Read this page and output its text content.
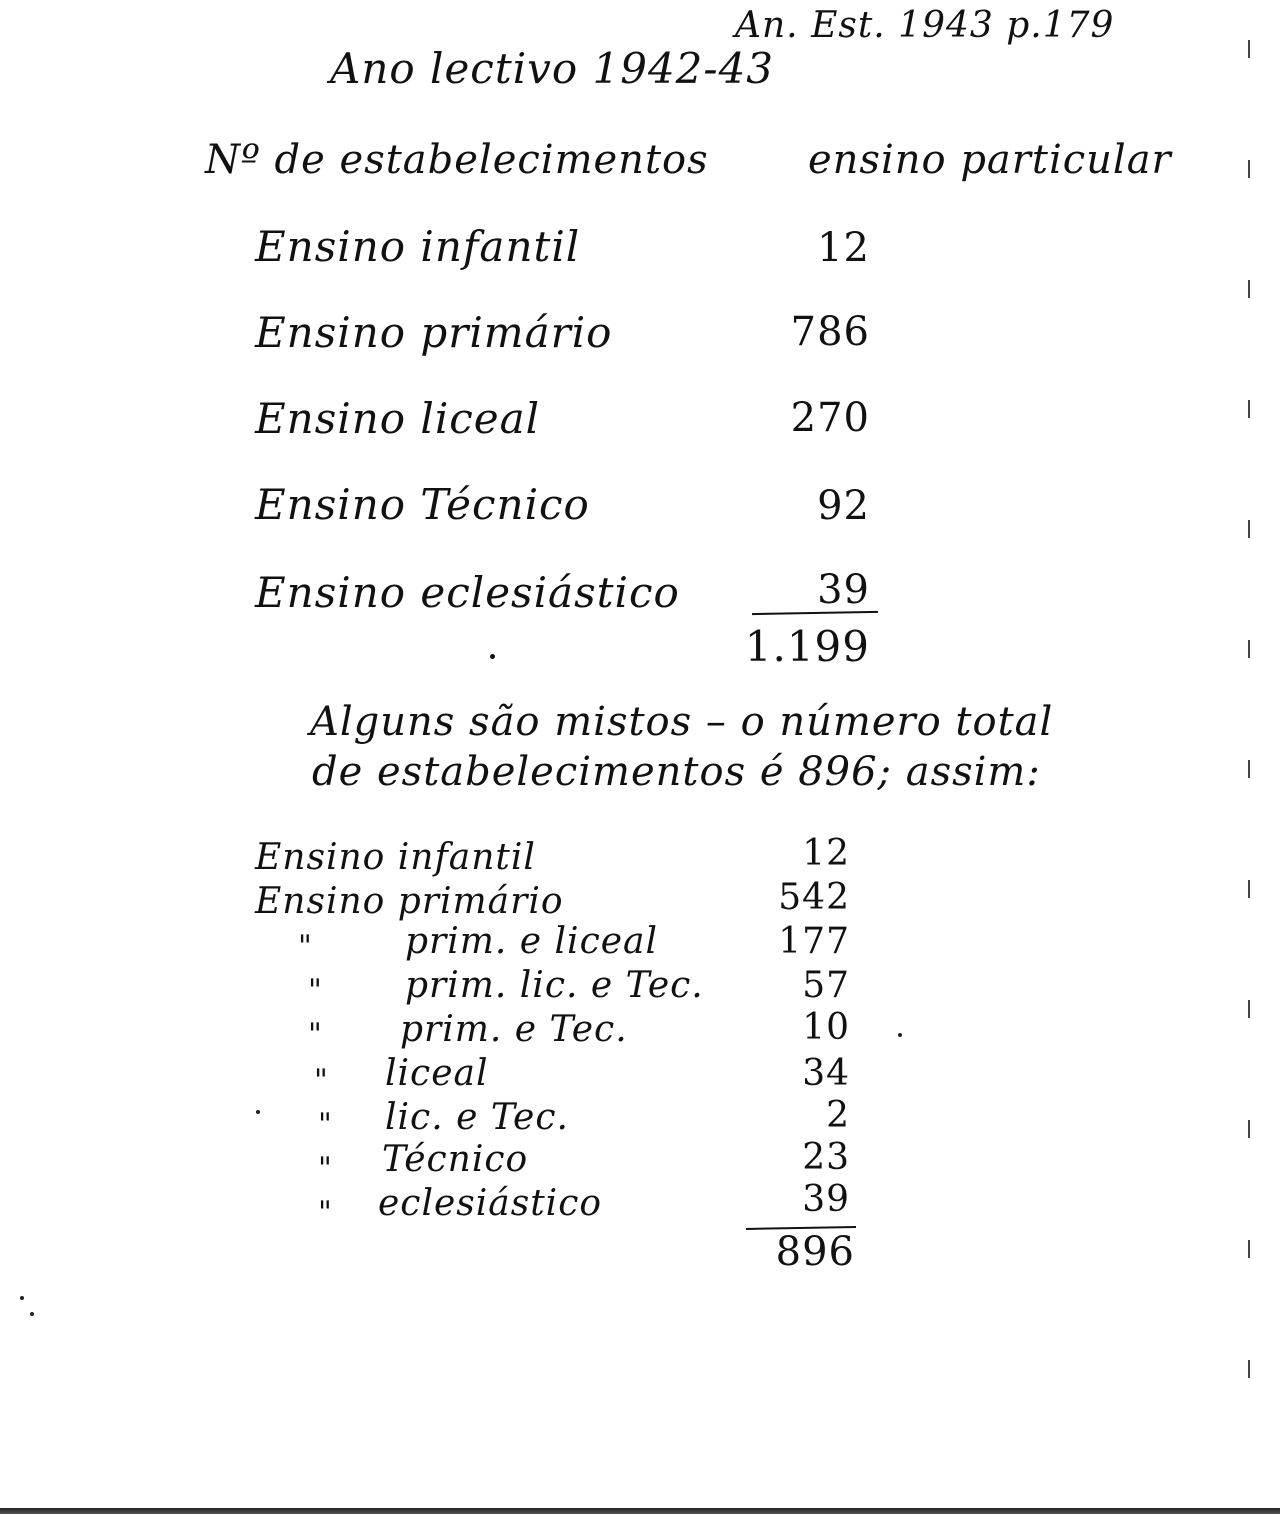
An. Est. 1943 p.179
Ano lectivo 1942-43
Nº de estabelecimentos ensino particular
Ensino infantil	12
Ensino primário	786
Ensino liceal	270
Ensino Técnico	92
Ensino eclesiástico	39
1.199
Alguns são mistos – o número total
de estabelecimentos é 896; assim:
Ensino infantil	12
Ensino primário	542
"	prim. e liceal	177
" prim. lic. e Tec.	57
" prim. e Tec.	10
" liceal	34
" lic. e Tec.	2
" Técnico	23
" eclesiástico	39
896
